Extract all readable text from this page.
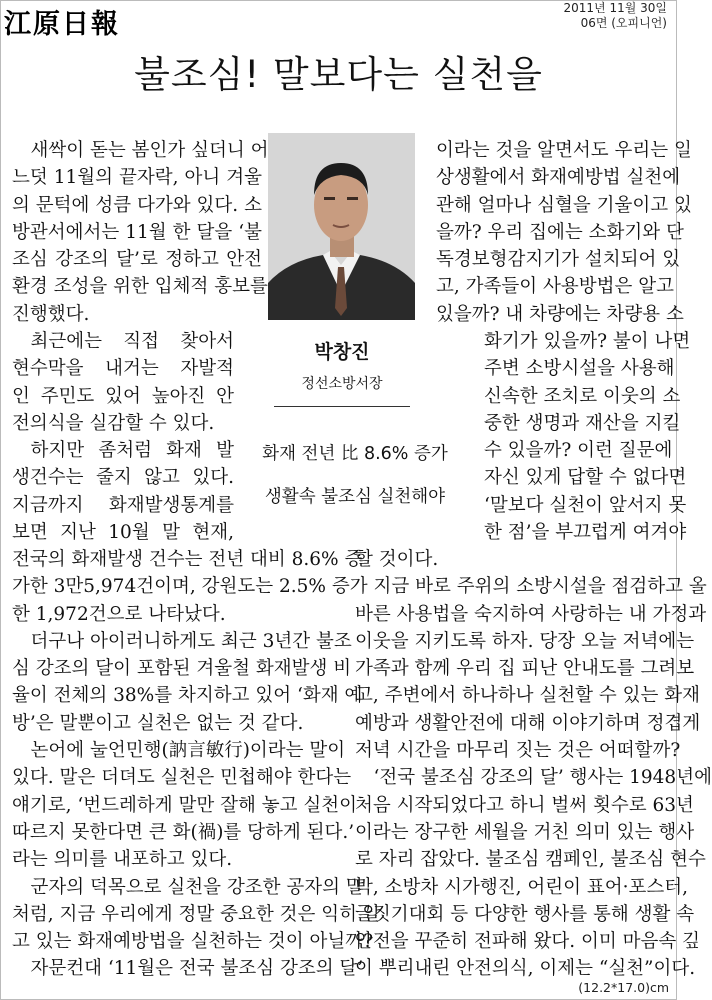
江原日報
2011년 11월 30일
06면 (오피니언)
불조심! 말보다는 실천을
새싹이 돋는 봄인가 싶더니 어
느덧 11월의 끝자락, 아니 겨울
의 문턱에 성큼 다가와 있다. 소
방관서에서는 11월 한 달을 ‘불
조심 강조의 달’로 정하고 안전
환경 조성을 위한 입체적 홍보를
진행했다.
최근에는 직접 찾아서
현수막을 내거는 자발적
인 주민도 있어 높아진 안
전의식을 실감할 수 있다.
하지만 좀처럼 화재 발
생건수는 줄지 않고 있다.
지금까지 화재발생통계를
보면 지난 10월 말 현재,
전국의 화재발생 건수는 전년 대비 8.6% 증
가한 3만5,974건이며, 강원도는 2.5% 증가
한 1,972건으로 나타났다.
더구나 아이러니하게도 최근 3년간 불조
심 강조의 달이 포함된 겨울철 화재발생 비
율이 전체의 38%를 차지하고 있어 ‘화재 예
방’은 말뿐이고 실천은 없는 것 같다.
논어에 눌언민행(訥言敏行)이라는 말이
있다. 말은 더뎌도 실천은 민첩해야 한다는
얘기로, ‘번드레하게 말만 잘해 놓고 실천이
따르지 못한다면 큰 화(禍)를 당하게 된다.’
라는 의미를 내포하고 있다.
군자의 덕목으로 실천을 강조한 공자의 말
처럼, 지금 우리에게 정말 중요한 것은 익히 알
고 있는 화재예방법을 실천하는 것이 아닐까?
자문컨대 ‘11월은 전국 불조심 강조의 달’
이라는 것을 알면서도 우리는 일
상생활에서 화재예방법 실천에
관해 얼마나 심혈을 기울이고 있
을까? 우리 집에는 소화기와 단
독경보형감지기가 설치되어 있
고, 가족들이 사용방법은 알고
있을까? 내 차량에는 차량용 소
화기가 있을까? 불이 나면
주변 소방시설을 사용해
신속한 조치로 이웃의 소
중한 생명과 재산을 지킬
수 있을까? 이런 질문에
자신 있게 답할 수 없다면
‘말보다 실천이 앞서지 못
한 점’을 부끄럽게 여겨야
할 것이다.
지금 바로 주위의 소방시설을 점검하고 올
바른 사용법을 숙지하여 사랑하는 내 가정과
이웃을 지키도록 하자. 당장 오늘 저녁에는
가족과 함께 우리 집 피난 안내도를 그려보
고, 주변에서 하나하나 실천할 수 있는 화재
예방과 생활안전에 대해 이야기하며 정겹게
저녁 시간을 마무리 짓는 것은 어떠할까?
‘전국 불조심 강조의 달’ 행사는 1948년에
처음 시작되었다고 하니 벌써 횟수로 63년
이라는 장구한 세월을 거친 의미 있는 행사
로 자리 잡았다. 불조심 캠페인, 불조심 현수
막, 소방차 시가행진, 어린이 표어·포스터,
글짓기대회 등 다양한 행사를 통해 생활 속
안전을 꾸준히 전파해 왔다. 이미 마음속 깊
이 뿌리내린 안전의식, 이제는 “실천”이다.
박창진
정선소방서장
화재 전년 比 8.6% 증가
생활속 불조심 실천해야
(12.2*17.0)cm
